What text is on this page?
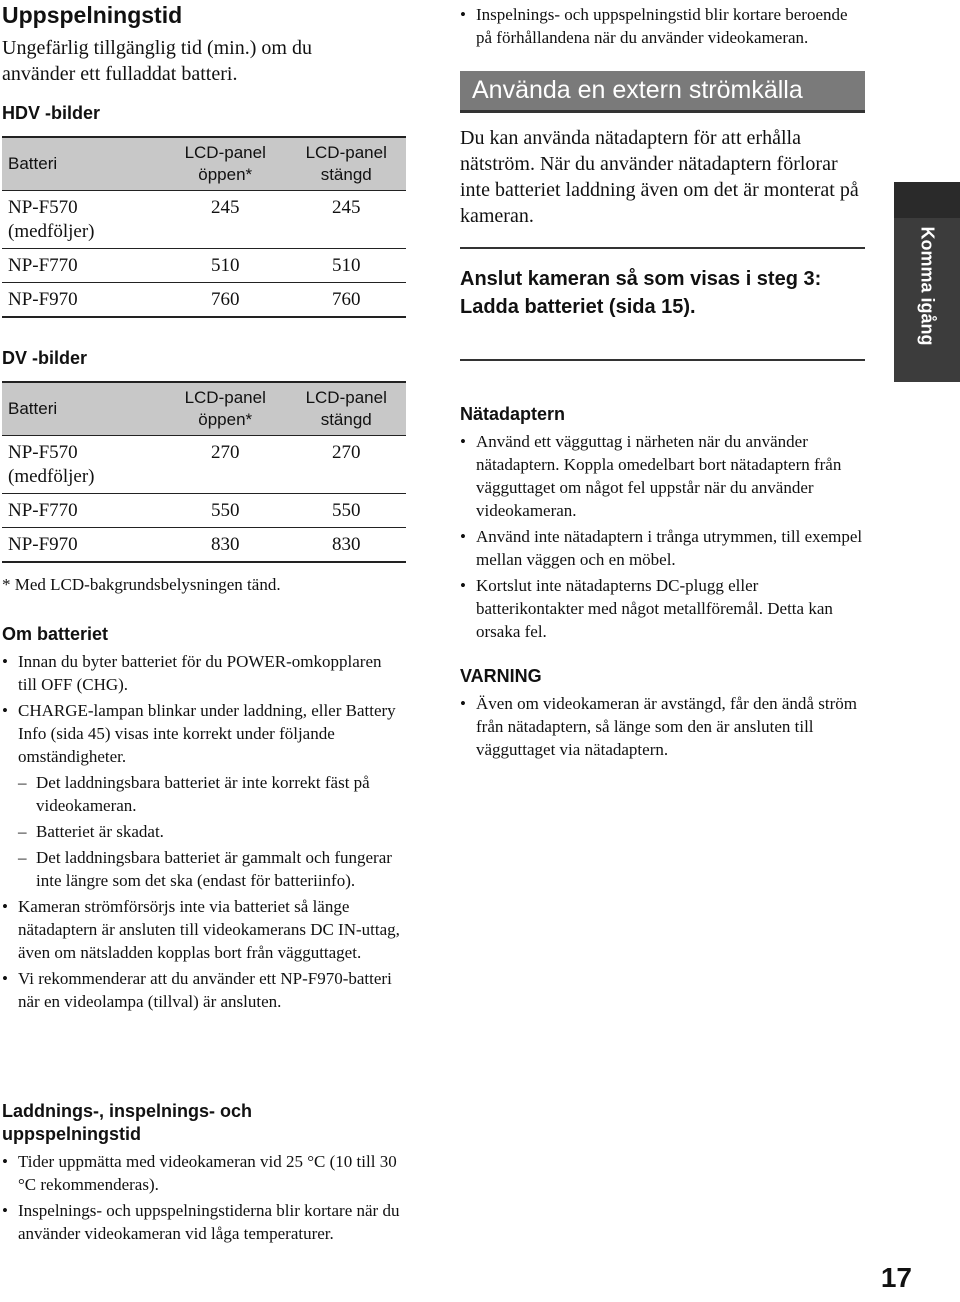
Uppspelningstid

Ungefärlig tillgänglig tid (min.) om du använder ett fulladdat batteri.

HDV -bilder
Batteri	LCD-panel öppen*	LCD-panel stängd
NP-F570 (medföljer)	245	245
NP-F770	510	510
NP-F970	760	760
DV -bilder
Batteri	LCD-panel öppen*	LCD-panel stängd
NP-F570 (medföljer)	270	270
NP-F770	550	550
NP-F970	830	830

* Med LCD-bakgrundsbelysningen tänd.

Om batteriet
• Innan du byter batteriet för du POWER-omkopplaren till OFF (CHG).
• CHARGE-lampan blinkar under laddning, eller Battery Info (sida 45) visas inte korrekt under följande omständigheter.
– Det laddningsbara batteriet är inte korrekt fäst på videokameran.
– Batteriet är skadat.
– Det laddningsbara batteriet är gammalt och fungerar inte längre som det ska (endast för batteriinfo).
• Kameran strömförsörjs inte via batteriet så länge nätadaptern är ansluten till videokamerans DC IN-uttag, även om nätsladden kopplas bort från vägguttaget.
• Vi rekommenderar att du använder ett NP-F970-batteri när en videolampa (tillval) är ansluten.
Laddnings-, inspelnings- och uppspelningstid
• Tider uppmätta med videokameran vid 25 °C (10 till 30 °C rekommenderas).
• Inspelnings- och uppspelningstiderna blir kortare när du använder videokameran vid låga temperaturer.
• Inspelnings- och uppspelningstid blir kortare beroende på förhållandena när du använder videokameran.
Använda en extern strömkälla

Du kan använda nätadaptern för att erhålla nätström. När du använder nätadaptern förlorar inte batteriet laddning även om det är monterat på kameran.

Anslut kameran så som visas i steg 3: Ladda batteriet (sida 15).

Nätadaptern
• Använd ett vägguttag i närheten när du använder nätadaptern. Koppla omedelbart bort nätadaptern från vägguttaget om något fel uppstår när du använder videokameran.
• Använd inte nätadaptern i trånga utrymmen, till exempel mellan väggen och en möbel.
• Kortslut inte nätadapterns DC-plugg eller batterikontakter med något metallföremål. Detta kan orsaka fel.
VARNING
• Även om videokameran är avstängd, får den ändå ström från nätadaptern, så länge som den är ansluten till vägguttaget via nätadaptern.
Komma igång
17
